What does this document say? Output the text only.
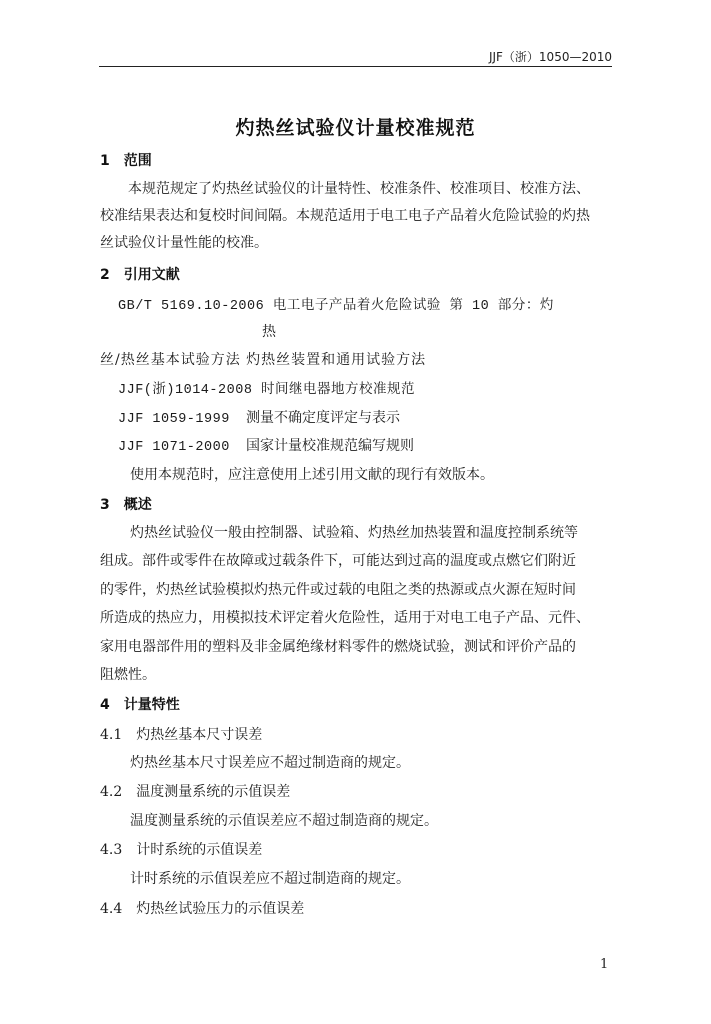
JJF（浙）1050—2010
灼热丝试验仪计量校准规范
1　范围
本规范规定了灼热丝试验仪的计量特性、校准条件、校准项目、校准方法、
校准结果表达和复校时间间隔。本规范适用于电工电子产品着火危险试验的灼热
丝试验仪计量性能的校准。
2　引用文献
GB/T 5169.10-2006 电工电子产品着火危险试验 第 10 部分：灼
热
丝/热丝基本试验方法 灼热丝装置和通用试验方法
JJF(浙)1014-2008 时间继电器地方校准规范
JJF 1059-1999 测量不确定度评定与表示
JJF 1071-2000 国家计量校准规范编写规则
使用本规范时，应注意使用上述引用文献的现行有效版本。
3　概述
灼热丝试验仪一般由控制器、试验箱、灼热丝加热装置和温度控制系统等
组成。部件或零件在故障或过载条件下，可能达到过高的温度或点燃它们附近
的零件，灼热丝试验模拟灼热元件或过载的电阻之类的热源或点火源在短时间
所造成的热应力，用模拟技术评定着火危险性，适用于对电工电子产品、元件、
家用电器部件用的塑料及非金属绝缘材料零件的燃烧试验，测试和评价产品的
阻燃性。
4　计量特性
4.1　 灼热丝基本尺寸误差
灼热丝基本尺寸误差应不超过制造商的规定。
4.2　 温度测量系统的示值误差
温度测量系统的示值误差应不超过制造商的规定。
4.3　 计时系统的示值误差
计时系统的示值误差应不超过制造商的规定。
4.4　 灼热丝试验压力的示值误差
1
